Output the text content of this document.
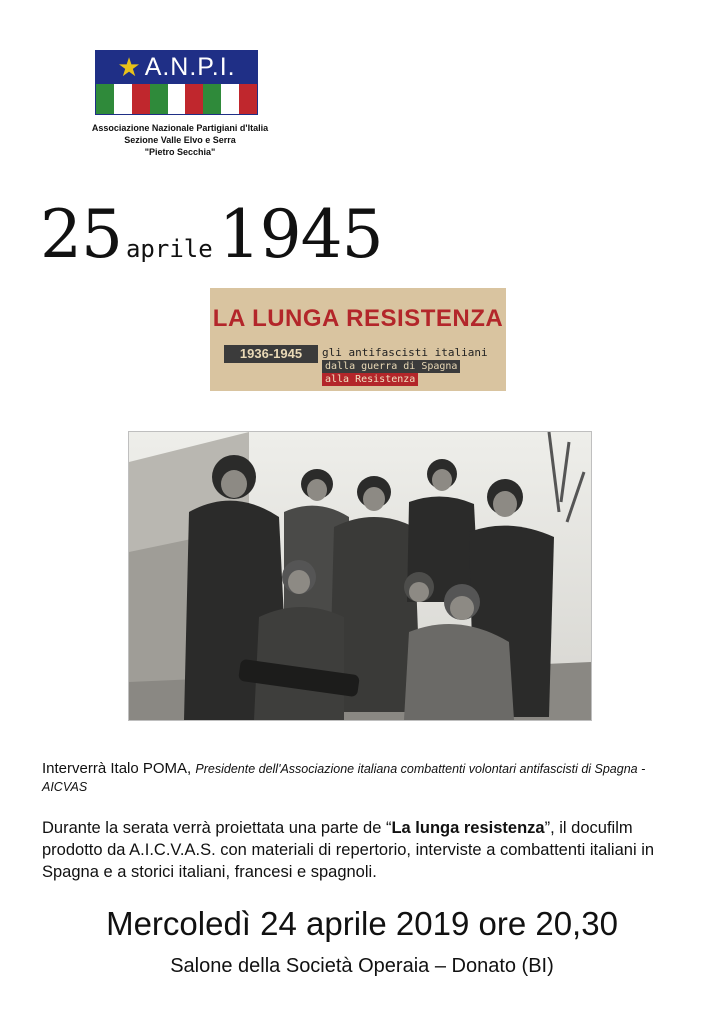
★ A.N.P.I.
Associazione Nazionale Partigiani d'Italia
Sezione Valle Elvo e Serra
"Pietro Secchia"
25 aprile1945
LA LUNGA RESISTENZA
1936-1945	gli antifascisti italiani
dalla guerra di Spagna
alla Resistenza
Interverrà Italo POMA, Presidente dell'Associazione italiana combattenti volontari antifascisti di Spagna - AICVAS
Durante la serata verrà proiettata una parte de “La lunga resistenza”, il docufilm prodotto da A.I.C.V.A.S. con materiali di repertorio, interviste a combattenti italiani in Spagna e a storici italiani, francesi e spagnoli.
Mercoledì 24 aprile 2019 ore 20,30
Salone della Società Operaia – Donato (BI)
